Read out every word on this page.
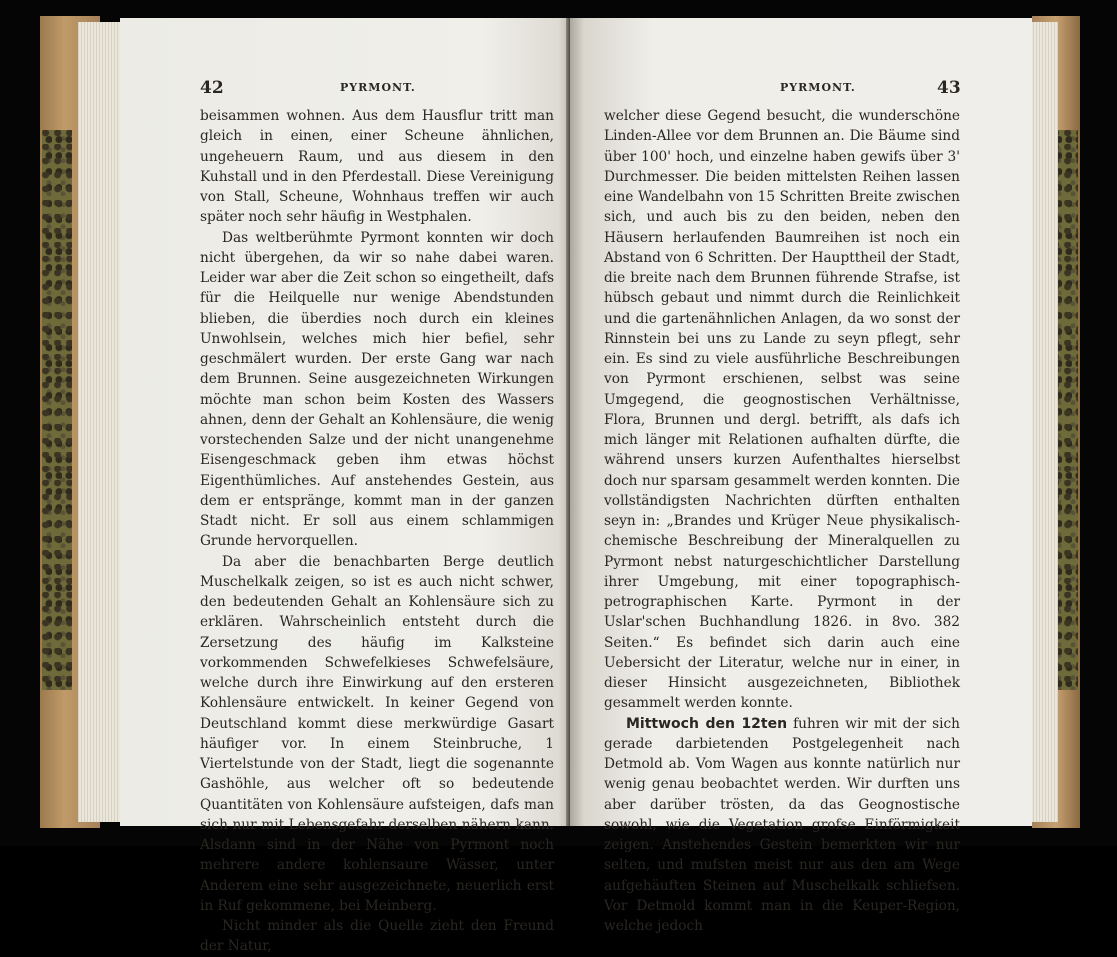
42	PYRMONT.

beisammen wohnen. Aus dem Hausflur tritt man gleich in einen, einer Scheune ähnlichen, ungeheuern Raum, und aus diesem in den Kuhstall und in den Pferdestall. Diese Vereinigung von Stall, Scheune, Wohnhaus treffen wir auch später noch sehr häufig in Westphalen.

Das weltberühmte Pyrmont konnten wir doch nicht übergehen, da wir so nahe dabei waren. Leider war aber die Zeit schon so eingetheilt, dafs für die Heilquelle nur wenige Abendstunden blieben, die überdies noch durch ein kleines Unwohlsein, welches mich hier befiel, sehr geschmälert wurden. Der erste Gang war nach dem Brunnen. Seine ausgezeichneten Wirkungen möchte man schon beim Kosten des Wassers ahnen, denn der Gehalt an Kohlensäure, die wenig vorstechenden Salze und der nicht unangenehme Eisengeschmack geben ihm etwas höchst Eigenthümliches. Auf anstehendes Gestein, aus dem er entspränge, kommt man in der ganzen Stadt nicht. Er soll aus einem schlammigen Grunde hervorquellen.

Da aber die benachbarten Berge deutlich Muschelkalk zeigen, so ist es auch nicht schwer, den bedeutenden Gehalt an Kohlensäure sich zu erklären. Wahrscheinlich entsteht durch die Zersetzung des häufig im Kalksteine vorkommenden Schwefelkieses Schwefelsäure, welche durch ihre Einwirkung auf den ersteren Kohlensäure entwickelt. In keiner Gegend von Deutschland kommt diese merkwürdige Gasart häufiger vor. In einem Steinbruche, 1 Viertelstunde von der Stadt, liegt die sogenannte Gashöhle, aus welcher oft so bedeutende Quantitäten von Kohlensäure aufsteigen, dafs man sich nur mit Lebensgefahr derselben nähern kann. Alsdann sind in der Nähe von Pyrmont noch mehrere andere kohlensaure Wässer, unter Anderem eine sehr ausgezeichnete, neuerlich erst in Ruf gekommene, bei Meinberg.

Nicht minder als die Quelle zieht den Freund der Natur,

PYRMONT.	43

welcher diese Gegend besucht, die wunderschöne Linden-Allee vor dem Brunnen an. Die Bäume sind über 100' hoch, und einzelne haben gewifs über 3' Durchmesser. Die beiden mittelsten Reihen lassen eine Wandelbahn von 15 Schritten Breite zwischen sich, und auch bis zu den beiden, neben den Häusern herlaufenden Baumreihen ist noch ein Abstand von 6 Schritten. Der Haupttheil der Stadt, die breite nach dem Brunnen führende Strafse, ist hübsch gebaut und nimmt durch die Reinlichkeit und die gartenähnlichen Anlagen, da wo sonst der Rinnstein bei uns zu Lande zu seyn pflegt, sehr ein. Es sind zu viele ausführliche Beschreibungen von Pyrmont erschienen, selbst was seine Umgegend, die geognostischen Verhältnisse, Flora, Brunnen und dergl. betrifft, als dafs ich mich länger mit Relationen aufhalten dürfte, die während unsers kurzen Aufenthaltes hierselbst doch nur sparsam gesammelt werden konnten. Die vollständigsten Nachrichten dürften enthalten seyn in: „Brandes und Krüger Neue physikalisch-chemische Beschreibung der Mineralquellen zu Pyrmont nebst naturgeschichtlicher Darstellung ihrer Umgebung, mit einer topographisch-petrographischen Karte. Pyrmont in der Uslar'schen Buchhandlung 1826. in 8vo. 382 Seiten.“ Es befindet sich darin auch eine Uebersicht der Literatur, welche nur in einer, in dieser Hinsicht ausgezeichneten, Bibliothek gesammelt werden konnte.

Mittwoch den 12ten fuhren wir mit der sich gerade darbietenden Postgelegenheit nach Detmold ab. Vom Wagen aus konnte natürlich nur wenig genau beobachtet werden. Wir durften uns aber darüber trösten, da das Geognostische sowohl, wie die Vegetation grofse Einförmigkeit zeigen. Anstehendes Gestein bemerkten wir nur selten, und mufsten meist nur aus den am Wege aufgehäuften Steinen auf Muschelkalk schliefsen. Vor Detmold kommt man in die Keuper-Region, welche jedoch
